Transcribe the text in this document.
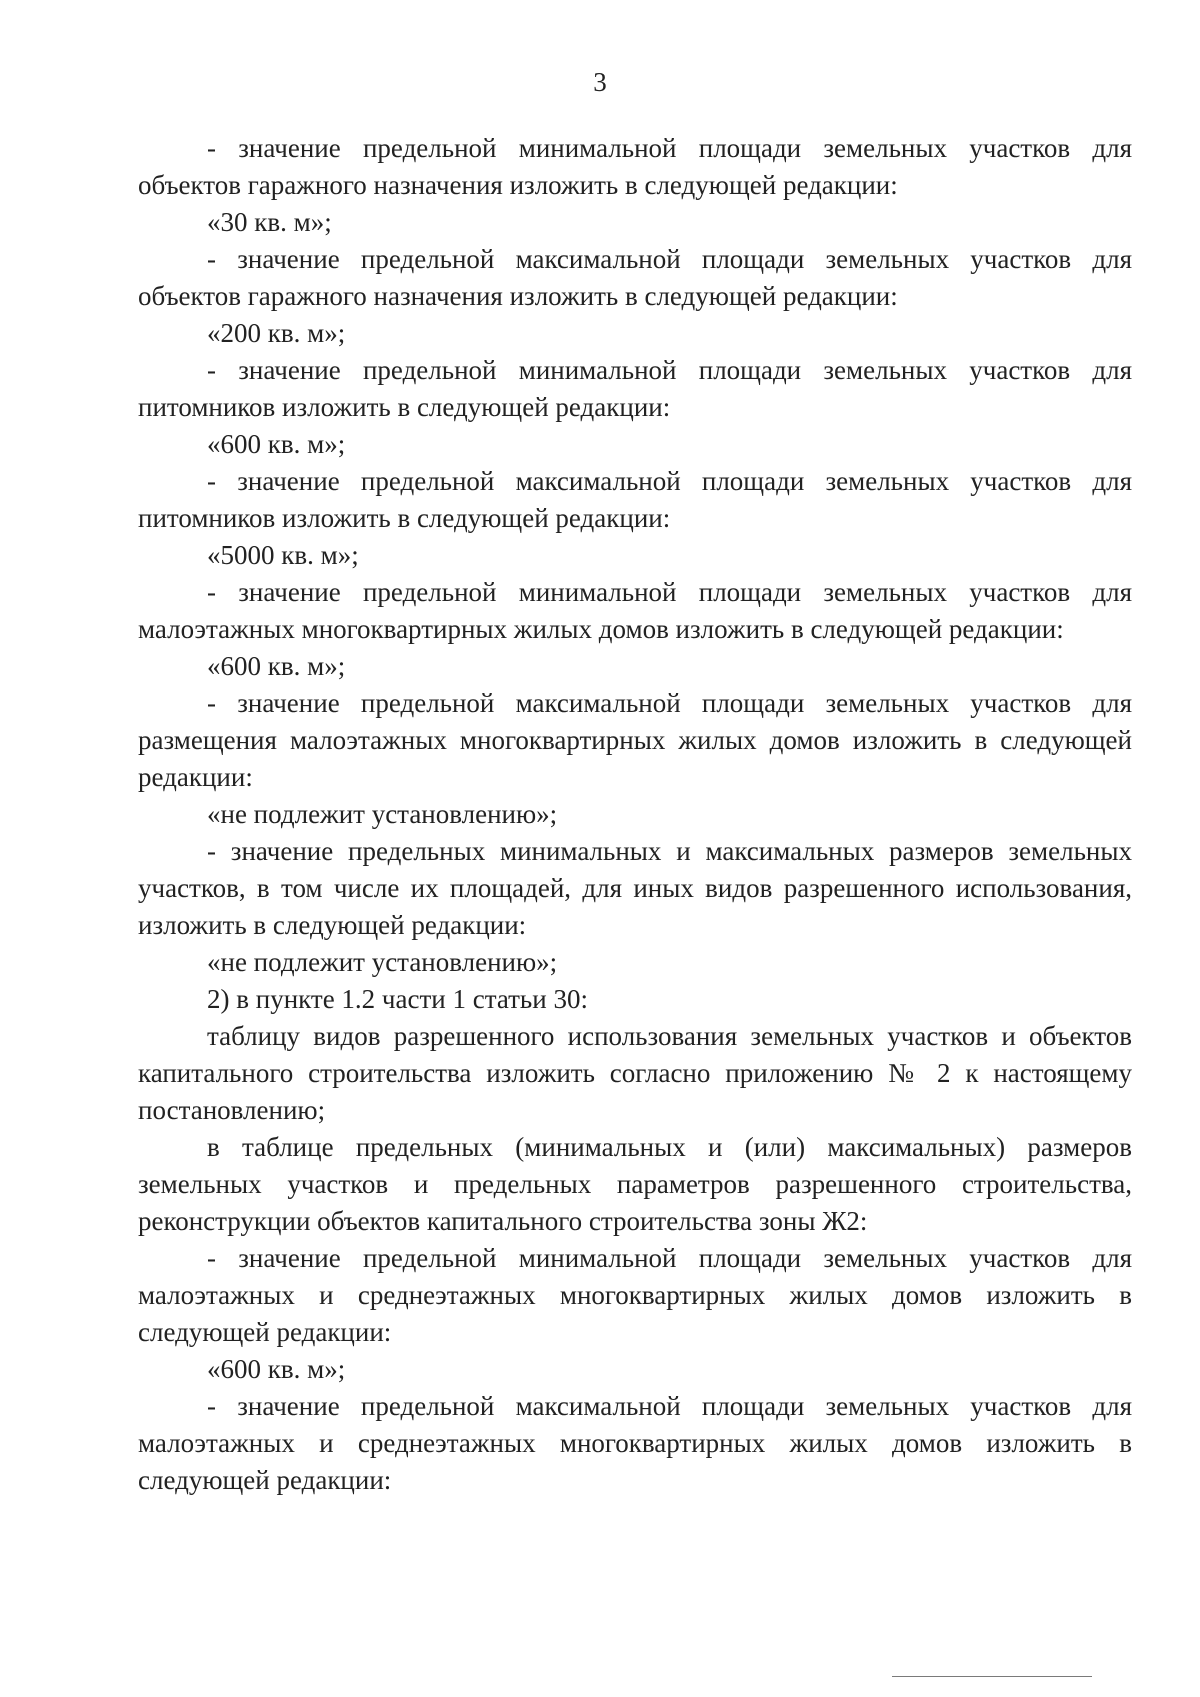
3

- значение предельной минимальной площади земельных участков для объектов гаражного назначения изложить в следующей редакции:

«30 кв. м»;

- значение предельной максимальной площади земельных участков для объектов гаражного назначения изложить в следующей редакции:

«200 кв. м»;

- значение предельной минимальной площади земельных участков для питомников изложить в следующей редакции:

«600 кв. м»;

- значение предельной максимальной площади земельных участков для питомников изложить в следующей редакции:

«5000 кв. м»;

- значение предельной минимальной площади земельных участков для малоэтажных многоквартирных жилых домов изложить в следующей редакции:

«600 кв. м»;

- значение предельной максимальной площади земельных участков для размещения малоэтажных многоквартирных жилых домов изложить в следующей редакции:

«не подлежит установлению»;

- значение предельных минимальных и максимальных размеров земельных участков, в том числе их площадей, для иных видов разрешенного использования, изложить в следующей редакции:

«не подлежит установлению»;

2) в пункте 1.2 части 1 статьи 30:

таблицу видов разрешенного использования земельных участков и объектов капитального строительства изложить согласно приложению № 2 к настоящему постановлению;

в таблице предельных (минимальных и (или) максимальных) размеров земельных участков и предельных параметров разрешенного строительства, реконструкции объектов капитального строительства зоны Ж2:

- значение предельной минимальной площади земельных участков для малоэтажных и среднеэтажных многоквартирных жилых домов изложить в следующей редакции:

«600 кв. м»;

- значение предельной максимальной площади земельных участков для малоэтажных и среднеэтажных многоквартирных жилых домов изложить в следующей редакции:
